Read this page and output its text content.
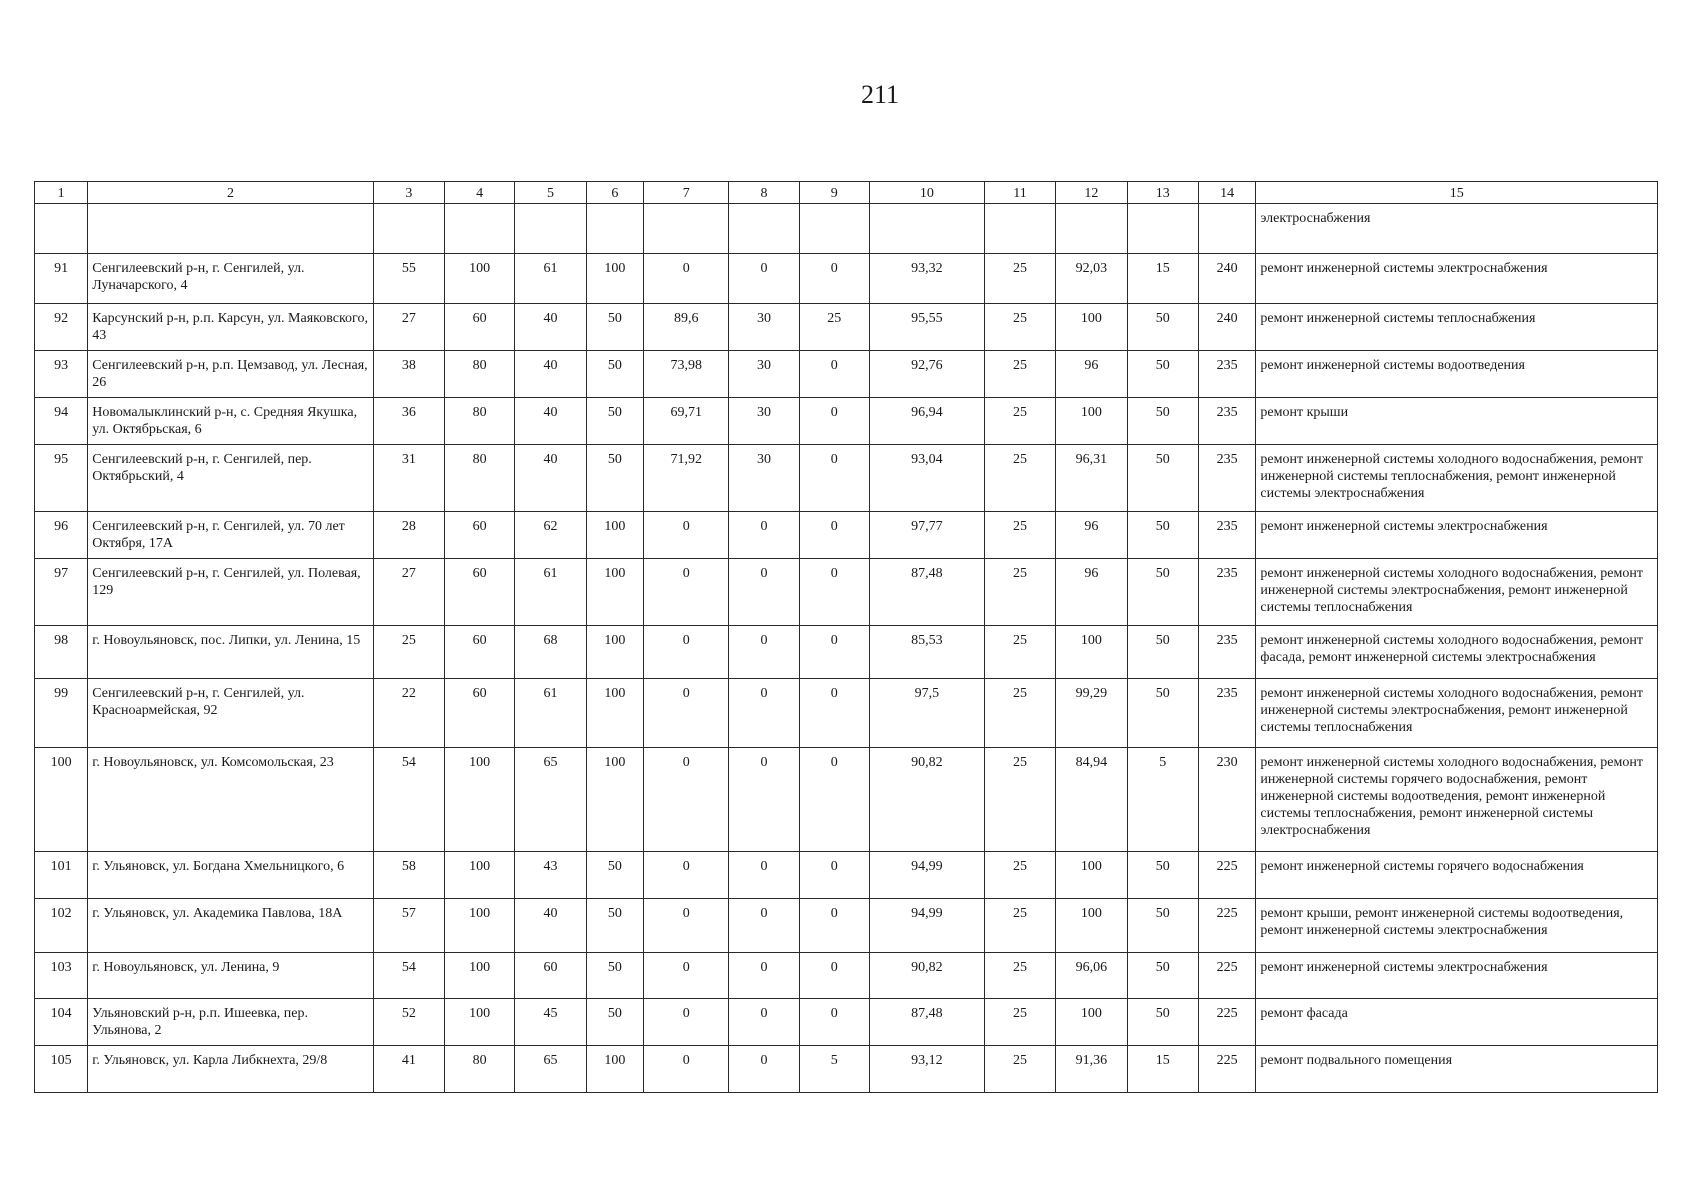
211
1	2	3	4	5	6	7	8	9	10	11	12	13	14	15
														электроснабжения
91	Сенгилеевский р-н, г. Сенгилей, ул. Луначарского, 4	55	100	61	100	0	0	0	93,32	25	92,03	15	240	ремонт инженерной системы электроснабжения
92	Карсунский р-н, р.п. Карсун, ул. Маяковского, 43	27	60	40	50	89,6	30	25	95,55	25	100	50	240	ремонт инженерной системы теплоснабжения
93	Сенгилеевский р-н, р.п. Цемзавод, ул. Лесная, 26	38	80	40	50	73,98	30	0	92,76	25	96	50	235	ремонт инженерной системы водоотведения
94	Новомалыклинский р-н, с. Средняя Якушка, ул. Октябрьская, 6	36	80	40	50	69,71	30	0	96,94	25	100	50	235	ремонт крыши
95	Сенгилеевский р-н, г. Сенгилей, пер. Октябрьский, 4	31	80	40	50	71,92	30	0	93,04	25	96,31	50	235	ремонт инженерной системы холодного водоснабжения, ремонт инженерной системы теплоснабжения, ремонт инженерной системы электроснабжения
96	Сенгилеевский р-н, г. Сенгилей, ул. 70 лет Октября, 17А	28	60	62	100	0	0	0	97,77	25	96	50	235	ремонт инженерной системы электроснабжения
97	Сенгилеевский р-н, г. Сенгилей, ул. Полевая, 129	27	60	61	100	0	0	0	87,48	25	96	50	235	ремонт инженерной системы холодного водоснабжения, ремонт инженерной системы электроснабжения, ремонт инженерной системы теплоснабжения
98	г. Новоульяновск, пос. Липки, ул. Ленина, 15	25	60	68	100	0	0	0	85,53	25	100	50	235	ремонт инженерной системы холодного водоснабжения, ремонт фасада, ремонт инженерной системы электроснабжения
99	Сенгилеевский р-н, г. Сенгилей, ул. Красноармейская, 92	22	60	61	100	0	0	0	97,5	25	99,29	50	235	ремонт инженерной системы холодного водоснабжения, ремонт инженерной системы электроснабжения, ремонт инженерной системы теплоснабжения
100	г. Новоульяновск, ул. Комсомольская, 23	54	100	65	100	0	0	0	90,82	25	84,94	5	230	ремонт инженерной системы холодного водоснабжения, ремонт инженерной системы горячего водоснабжения, ремонт инженерной системы водоотведения, ремонт инженерной системы теплоснабжения, ремонт инженерной системы электроснабжения
101	г. Ульяновск, ул. Богдана Хмельницкого, 6	58	100	43	50	0	0	0	94,99	25	100	50	225	ремонт инженерной системы горячего водоснабжения
102	г. Ульяновск, ул. Академика Павлова, 18А	57	100	40	50	0	0	0	94,99	25	100	50	225	ремонт крыши, ремонт инженерной системы водоотведения, ремонт инженерной системы электроснабжения
103	г. Новоульяновск, ул. Ленина, 9	54	100	60	50	0	0	0	90,82	25	96,06	50	225	ремонт инженерной системы электроснабжения
104	Ульяновский р-н, р.п. Ишеевка, пер. Ульянова, 2	52	100	45	50	0	0	0	87,48	25	100	50	225	ремонт фасада
105	г. Ульяновск, ул. Карла Либкнехта, 29/8	41	80	65	100	0	0	5	93,12	25	91,36	15	225	ремонт подвального помещения
